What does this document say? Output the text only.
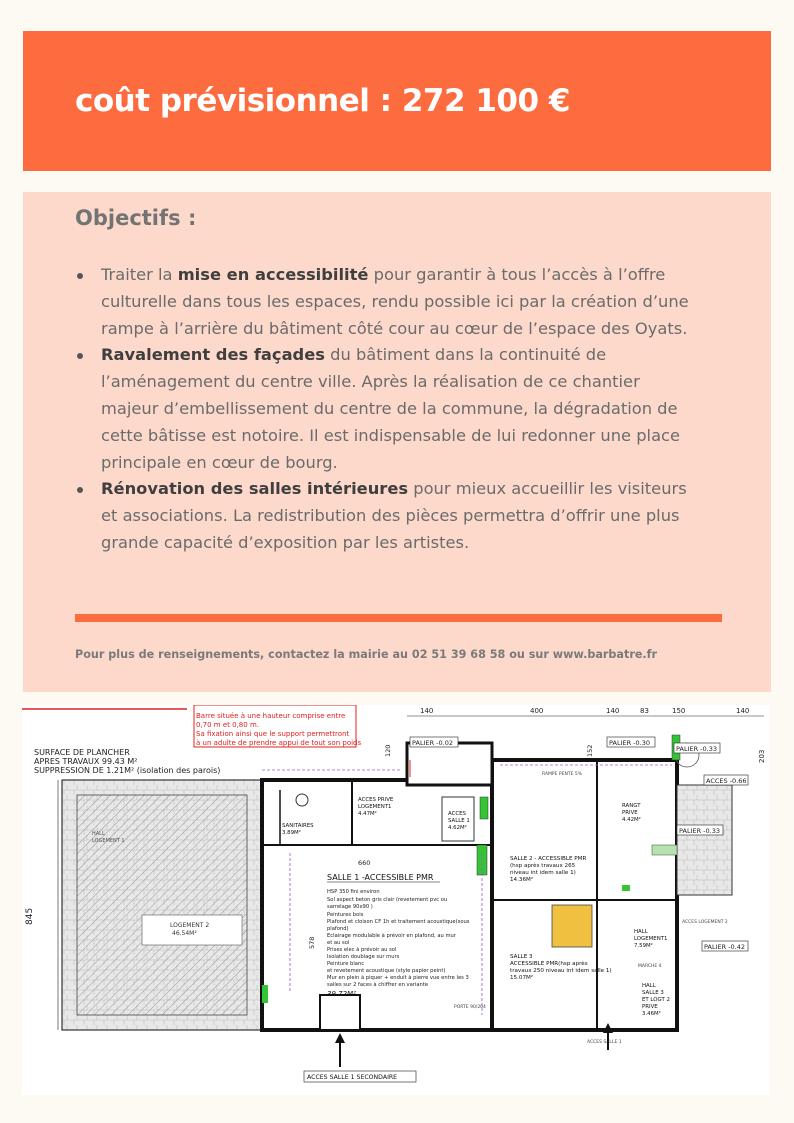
coût prévisionnel : 272 100 €
Objectifs :
Traiter la mise en accessibilité pour garantir à tous l’accès à l’offre culturelle dans tous les espaces, rendu possible ici par la création d’une rampe à l’arrière du bâtiment côté cour au cœur de l’espace des Oyats.
Ravalement des façades du bâtiment dans la continuité de l’aménagement du centre ville. Après la réalisation de ce chantier majeur d’embellissement du centre de la commune, la dégradation de cette bâtisse est notoire. Il est indispensable de lui redonner une place principale en cœur de bourg.
Rénovation des salles intérieures pour mieux accueillir les visiteurs et associations. La redistribution des pièces permettra d’offrir une plus grande capacité d’exposition par les artistes.

Pour plus de renseignements, contactez la mairie au 02 51 39 68 58 ou sur www.barbatre.fr

Barre située à une hauteur comprise entre
0,70 m et 0,80 m.
Sa fixation ainsi que le support permettront
à un adulte de prendre appui de tout son poids
SURFACE DE PLANCHER
APRES TRAVAUX 99.43 M²
SUPPRESSION DE 1.21M² (isolation des parois)
140	400	140	83	150	140
203
LOGEMENT 2
46.54M²
HALL
LOGEMENT 1
845
PALIER -0.02	PALIER -0.30
PALIER -0.33
PALIER -0.33
PALIER -0.42
ACCES -0.66
120
660
152
578
SALLE 1 -ACCESSIBLE PMR
HSP 350 fini environ
Sol aspect beton gris clair (revetement pvc ou
sarrelage 90x90 )
Peintures bois
Plafond et cloison CF 1h et traitement acoustique(sous
plafond)
Eclairage modulable à prévoir en plafond, au mur
et au sol
Prises elec à prévoir au sol
Isolation doublage sur murs
Peinture blanc
et revetement acoustique (style papier peint)
Mur en plein à piquer + enduit à pierre vue entre les 3
salles sur 2 faces à chiffrer en variante
39.72M²
SALLE 2 - ACCESSIBLE PMR
(hsp après travaux 265
niveau int idem salle 1)
14.36M²
SALLE 3
ACCESSIBLE PMR(hsp après
travaux 250 niveau int idem salle 1)
15.07M²
RANGT
PRIVE
4.42M²
HALL
LOGEMENT1
7.59M²
HALL
SALLE 3
ET LOGT 2
PRIVE
3.46M²
ACCES PRIVE
LOGEMENT1
4.47M²	ACCES
SALLE 1
4.62M²
SANITAIRES
3.89M²
RAMPE PENTE 5%
PORTE 90/204
ACCES SALLE 1
ACCES LOGEMENT 2
MARCHE 4
ACCES SALLE 1 SECONDAIRE
